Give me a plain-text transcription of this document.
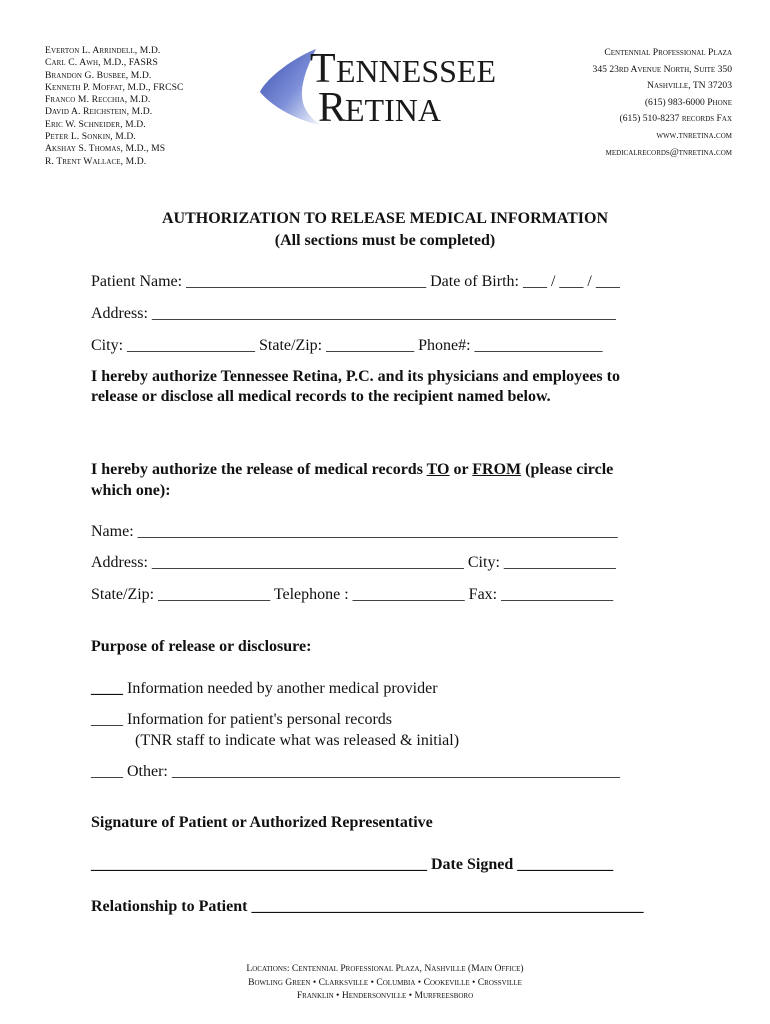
Everton L. Arrindell, M.D.
Carl C. Awh, M.D., FASRS
Brandon G. Busbee, M.D.
Kenneth P. Moffat, M.D., FRCSC
Franco M. Recchia, M.D.
David A. Reichstein, M.D.
Eric W. Schneider, M.D.
Peter L. Sonkin, M.D.
Akshay S. Thomas, M.D., MS
R. Trent Wallace, M.D.
T ENNESSEE
R
ETINA
Centennial Professional Plaza
345 23rd Avenue North, Suite 350
Nashville, TN 37203
(615) 983-6000 Phone
(615) 510-8237 records Fax
www.tnretina.com
medicalrecords@tnretina.com
AUTHORIZATION TO RELEASE MEDICAL INFORMATION
(All sections must be completed)
Patient Name: ______________________________ Date of Birth: ___ / ___ / ___
Address: __________________________________________________________
City: ________________ State/Zip: ___________ Phone#: ________________
I hereby authorize Tennessee Retina, P.C. and its physicians and employees to
release or disclose all medical records to the recipient named below.
I hereby authorize the release of medical records TO or FROM (please circle
which one):
Name: ____________________________________________________________
Address: _______________________________________ City: ______________
State/Zip: ______________ Telephone : ______________ Fax: ______________
Purpose of release or disclosure:
____ Information needed by another medical provider
____ Information for patient's personal records
(TNR staff to indicate what was released & initial)
____ Other: ________________________________________________________
Signature of Patient or Authorized Representative
__________________________________________ Date Signed ____________
Relationship to Patient _________________________________________________
Locations: Centennial Professional Plaza, Nashville (Main Office)
Bowling Green • Clarksville • Columbia • Cookeville • Crossville
Franklin • Hendersonville • Murfreesboro
